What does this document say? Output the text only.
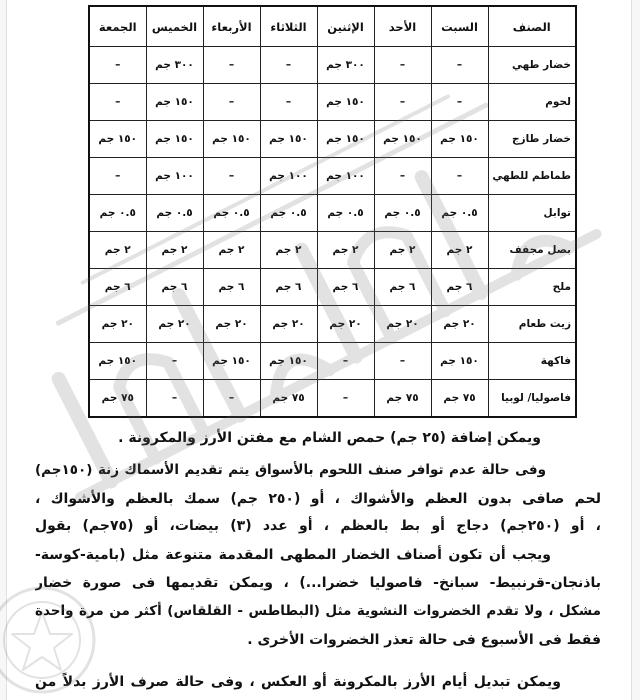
الصنف	السبت	الأحد	الإثنين	الثلاثاء	الأربعاء	الخميس	الجمعة
خضار طهي	–	–	٣٠٠ جم	–	–	٣٠٠ جم	–
لحوم	–	–	١٥٠ جم	–	–	١٥٠ جم	–
خضار طازج	١٥٠ جم	١٥٠ جم	١٥٠ جم	١٥٠ جم	١٥٠ جم	١٥٠ جم	١٥٠ جم
طماطم للطهي	–	–	١٠٠ جم	١٠٠ جم	–	١٠٠ جم	–
توابل	٠.٥ جم	٠.٥ جم	٠.٥ جم	٠.٥ جم	٠.٥ جم	٠.٥ جم	٠.٥ جم
بصل مجفف	٢ جم	٢ جم	٢ جم	٢ جم	٢ جم	٢ جم	٢ جم
ملح	٦ جم	٦ جم	٦ جم	٦ جم	٦ جم	٦ جم	٦ جم
زيت طعام	٢٠ جم	٢٠ جم	٢٠ جم	٢٠ جم	٢٠ جم	٢٠ جم	٢٠ جم
فاكهة	١٥٠ جم	–	–	١٥٠ جم	١٥٠ جم	–	١٥٠ جم
فاصوليا/ لوبيا	٧٥ جم	٧٥ جم	–	٧٥ جم	–	–	٧٥ جم
ويمكن إضافة (٢٥ جم) حمص الشام مع مفتن الأرز والمكرونة .
وفى حالة عدم توافر صنف اللحوم بالأسواق يتم تقديم الأسماك زنة (١٥٠جم)
لحم صافى بدون العظم والأشواك ، أو (٢٥٠ جم) سمك بالعظم والأشواك ،
، أو (٢٥٠جم) دجاج أو بط بالعظم ، أو عدد (٣) بيضات، أو (٧٥جم) بقول
ويجب أن تكون أصناف الخضار المطهى المقدمة متنوعة مثل (بامية-كوسة-
باذنجان-قرنبيط- سبانخ- فاصوليا خضرا...) ، ويمكن تقديمها فى صورة خضار
مشكل ، ولا تقدم الخضروات النشوية مثل (البطاطس - القلقاس) أكثر من مرة واحدة
فقط فى الأسبوع فى حالة تعذر الخضروات الأخرى .
ويمكن تبديل أيام الأرز بالمكرونة أو العكس ، وفى حالة صرف الأرز بدلاً من
